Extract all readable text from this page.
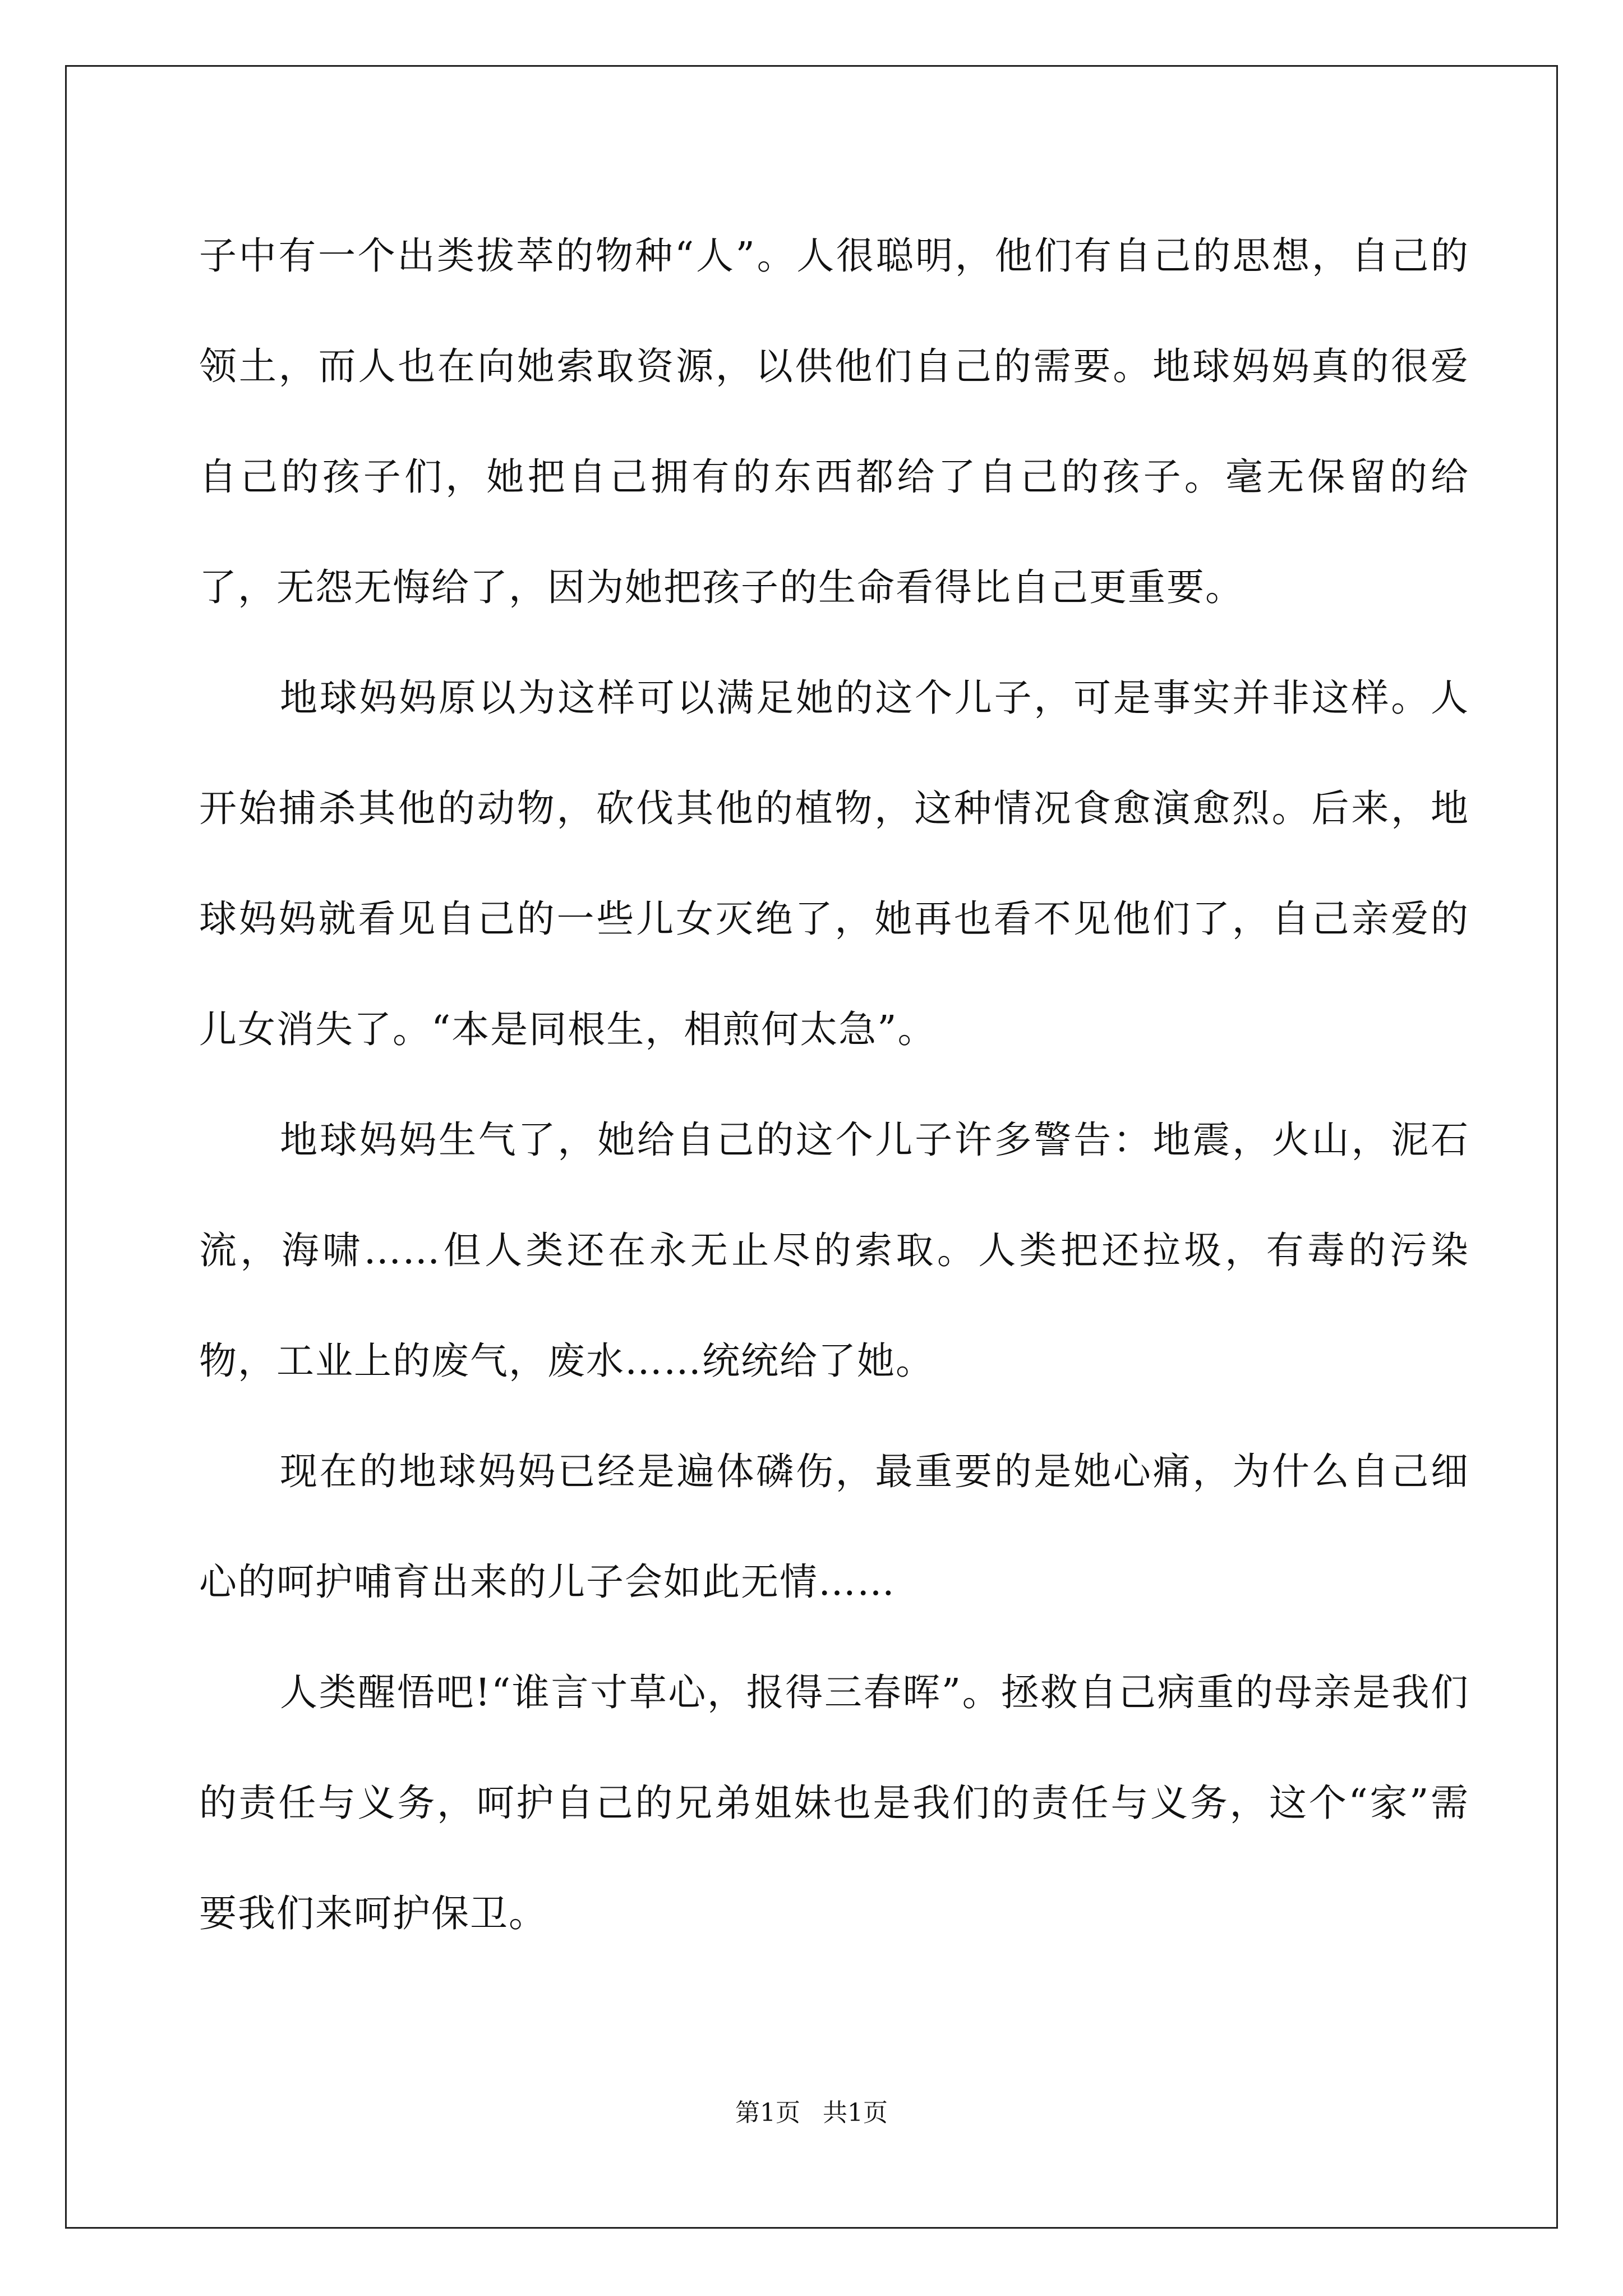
子中有一个出类拔萃的物种“人”。人很聪明，他们有自己的思想，自己的领土，而人也在向她索取资源，以供他们自己的需要。地球妈妈真的很爱自己的孩子们，她把自己拥有的东西都给了自己的孩子。毫无保留的给了，无怨无悔给了，因为她把孩子的生命看得比自己更重要。

地球妈妈原以为这样可以满足她的这个儿子，可是事实并非这样。人开始捕杀其他的动物，砍伐其他的植物，这种情况食愈演愈烈。后来，地球妈妈就看见自己的一些儿女灭绝了，她再也看不见他们了，自己亲爱的儿女消失了。“本是同根生，相煎何太急”。

地球妈妈生气了，她给自己的这个儿子许多警告：地震，火山，泥石流，海啸……但人类还在永无止尽的索取。人类把还拉圾，有毒的污染物，工业上的废气，废水……统统给了她。

现在的地球妈妈已经是遍体磷伤，最重要的是她心痛，为什么自己细心的呵护哺育出来的儿子会如此无情……

人类醒悟吧!“谁言寸草心，报得三春晖”。拯救自己病重的母亲是我们的责任与义务，呵护自己的兄弟姐妹也是我们的责任与义务，这个“家”需要我们来呵护保卫。

第1页 共1页
